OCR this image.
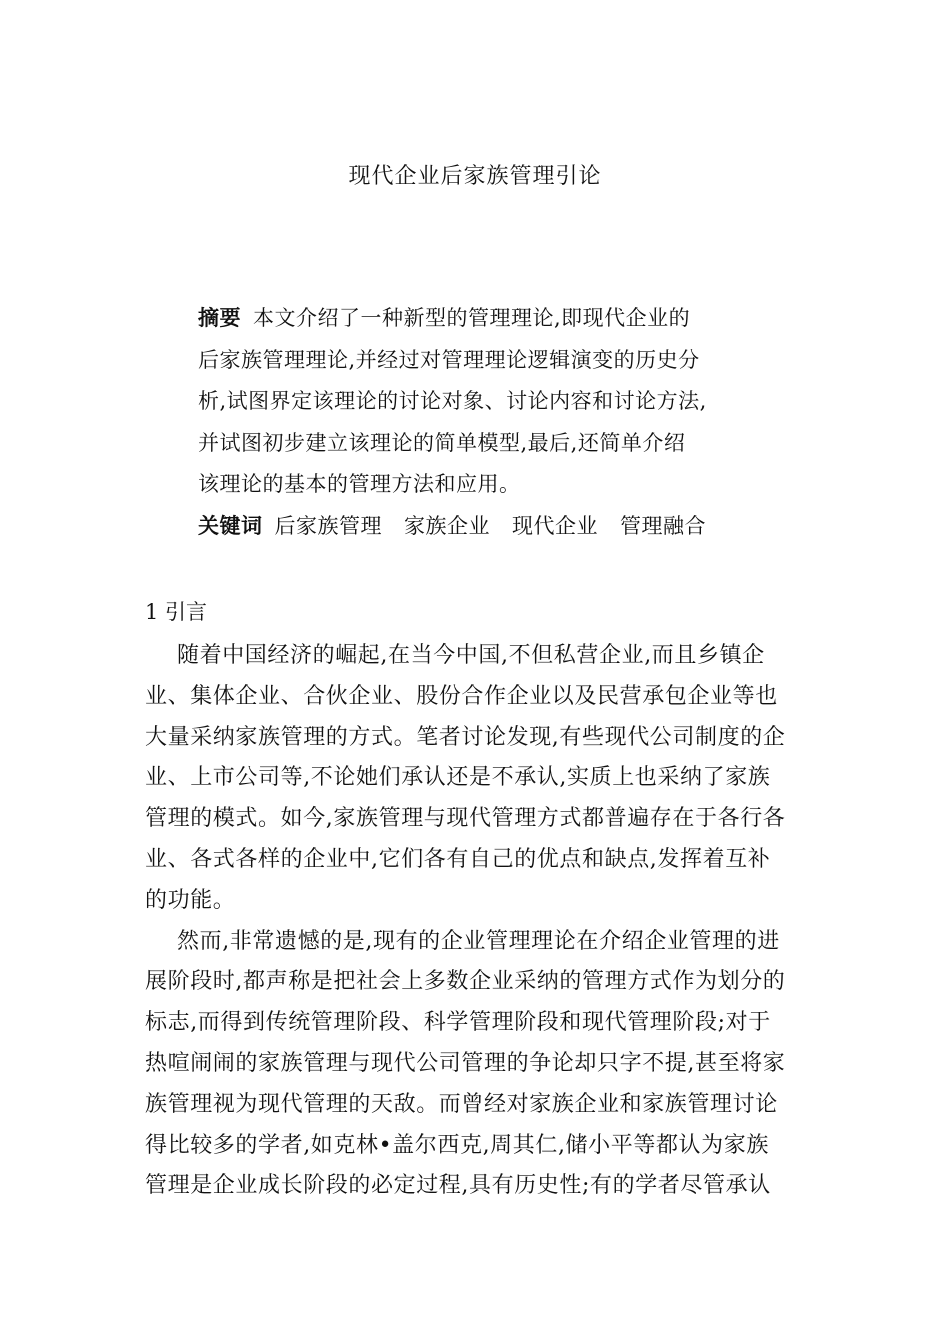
现代企业后家族管理引论
摘要 本文介绍了一种新型的管理理论,即现代企业的
后家族管理理论,并经过对管理理论逻辑演变的历史分
析,试图界定该理论的讨论对象、讨论内容和讨论方法,
并试图初步建立该理论的简单模型,最后,还简单介绍
该理论的基本的管理方法和应用。
关键词 后家族管理 家族企业 现代企业 管理融合
1 引言
随着中国经济的崛起,在当今中国,不但私营企业,而且乡镇企
业、集体企业、合伙企业、股份合作企业以及民营承包企业等也
大量采纳家族管理的方式。笔者讨论发现,有些现代公司制度的企
业、上市公司等,不论她们承认还是不承认,实质上也采纳了家族
管理的模式。如今,家族管理与现代管理方式都普遍存在于各行各
业、各式各样的企业中,它们各有自己的优点和缺点,发挥着互补
的功能。
然而,非常遗憾的是,现有的企业管理理论在介绍企业管理的进
展阶段时,都声称是把社会上多数企业采纳的管理方式作为划分的
标志,而得到传统管理阶段、科学管理阶段和现代管理阶段;对于
热喧闹闹的家族管理与现代公司管理的争论却只字不提,甚至将家
族管理视为现代管理的天敌。而曾经对家族企业和家族管理讨论
得比较多的学者,如克林•盖尔西克,周其仁,储小平等都认为家族
管理是企业成长阶段的必定过程,具有历史性;有的学者尽管承认
